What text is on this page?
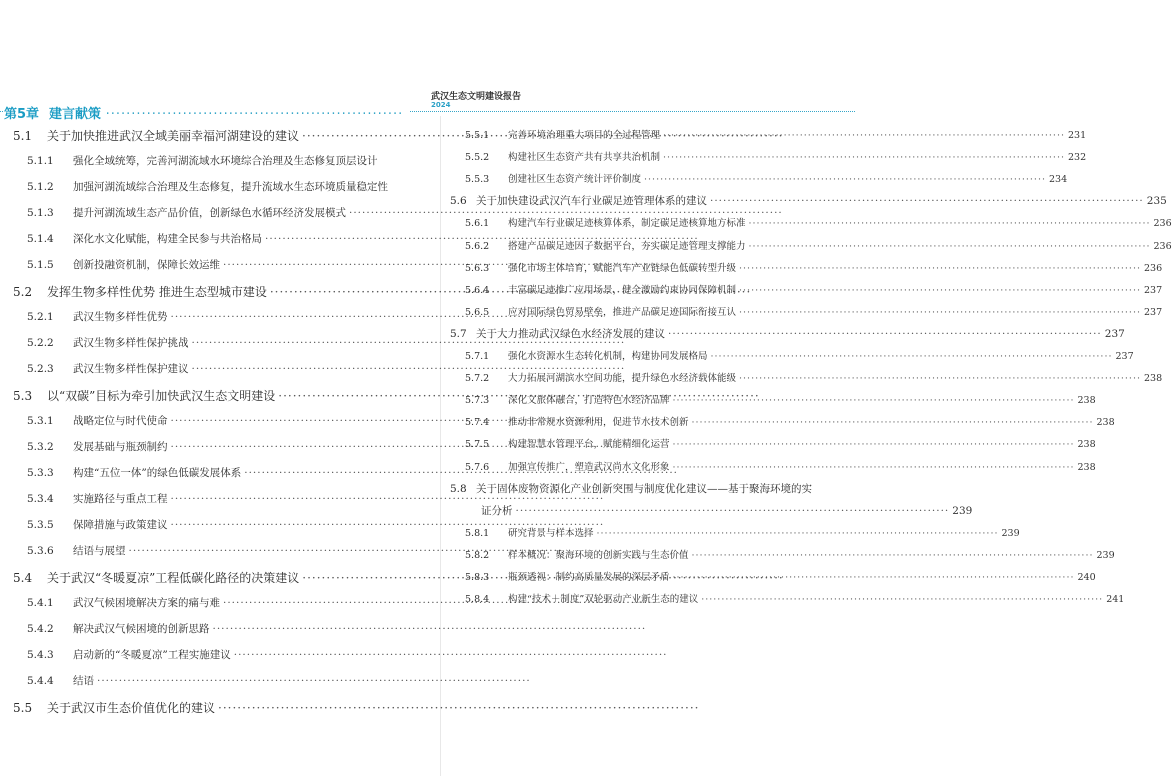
第5章 建言献策 ··························································
武汉生态文明建设报告
2024
5.1	关于加快推进武汉全域美丽幸福河湖建设的建议
·····
5.1.1	强化全域统筹，完善河湖流域水环境综合治理及生态修复顶层设计
5.1.2	加强河湖流域综合治理及生态修复，提升流域水生态环境质量稳定性
5.1.3	提升河湖流域生态产品价值，创新绿色水循环经济发展模式
·····
5.1.4	深化水文化赋能，构建全民参与共治格局
·····
5.1.5	创新投融资机制，保障长效运维
·····
5.2	发挥生物多样性优势 推进生态型城市建设
·····
5.2.1	武汉生物多样性优势
·····
5.2.2	武汉生物多样性保护挑战
·····
5.2.3	武汉生物多样性保护建议
·····
5.3	以“双碳”目标为牵引加快武汉生态文明建设
·····
5.3.1	战略定位与时代使命
·····
5.3.2	发展基础与瓶颈制约
·····
5.3.3	构建“五位一体”的绿色低碳发展体系
·····
5.3.4	实施路径与重点工程
·····
5.3.5	保障措施与政策建议
·····
5.3.6	结语与展望
·····
5.4	关于武汉“冬暖夏凉”工程低碳化路径的决策建议
·····
5.4.1	武汉气候困境解决方案的痛与难
·····
5.4.2	解决武汉气候困境的创新思路
·····
5.4.3	启动新的“冬暖夏凉”工程实施建议
·····
5.4.4	结语
·····
5.5	关于武汉市生态价值优化的建议
·····
5.5.1	完善环境治理重大项目的全过程管理 ·····	231
5.5.2	构建社区生态资产共有共享共治机制 ·····	232
5.5.3	创建社区生态资产统计评价制度 ·····	234
5.6 关于加快建设武汉汽车行业碳足迹管理体系的建议 ·····	235
5.6.1	构建汽车行业碳足迹核算体系，制定碳足迹核算地方标准 ·····	236
5.6.2	搭建产品碳足迹因子数据平台，夯实碳足迹管理支撑能力 ·····	236
5.6.3	强化市场主体培育，赋能汽车产业链绿色低碳转型升级 ·····	236
5.6.4	丰富碳足迹推广应用场景，健全激励约束协同保障机制 ·····	237
5.6.5	应对国际绿色贸易壁垒，推进产品碳足迹国际衔接互认 ·····	237
5.7 关于大力推动武汉绿色水经济发展的建议 ·····	237
5.7.1	强化水资源水生态转化机制，构建协同发展格局 ·····	237
5.7.2	大力拓展河湖滨水空间功能，提升绿色水经济载体能级 ·····	238
5.7.3	深化文旅体融合，打造特色水经济品牌 ·····	238
5.7.4	推动非常规水资源利用，促进节水技术创新 ·····	238
5.7.5	构建智慧水管理平台，赋能精细化运营 ·····	238
5.7.6	加强宣传推广，塑造武汉尚水文化形象 ·····	238
5.8 关于固体废物资源化产业创新突围与制度优化建议——基于聚海环境的实
证分析 ·····	239
5.8.1	研究背景与样本选择 ·····	239
5.8.2	样本概况：聚海环境的创新实践与生态价值 ·····	239
5.8.3	瓶颈透视：制约高质量发展的深层矛盾 ·····	240
5.8.4	构建“技术＋制度”双轮驱动产业新生态的建议 ·····	241
